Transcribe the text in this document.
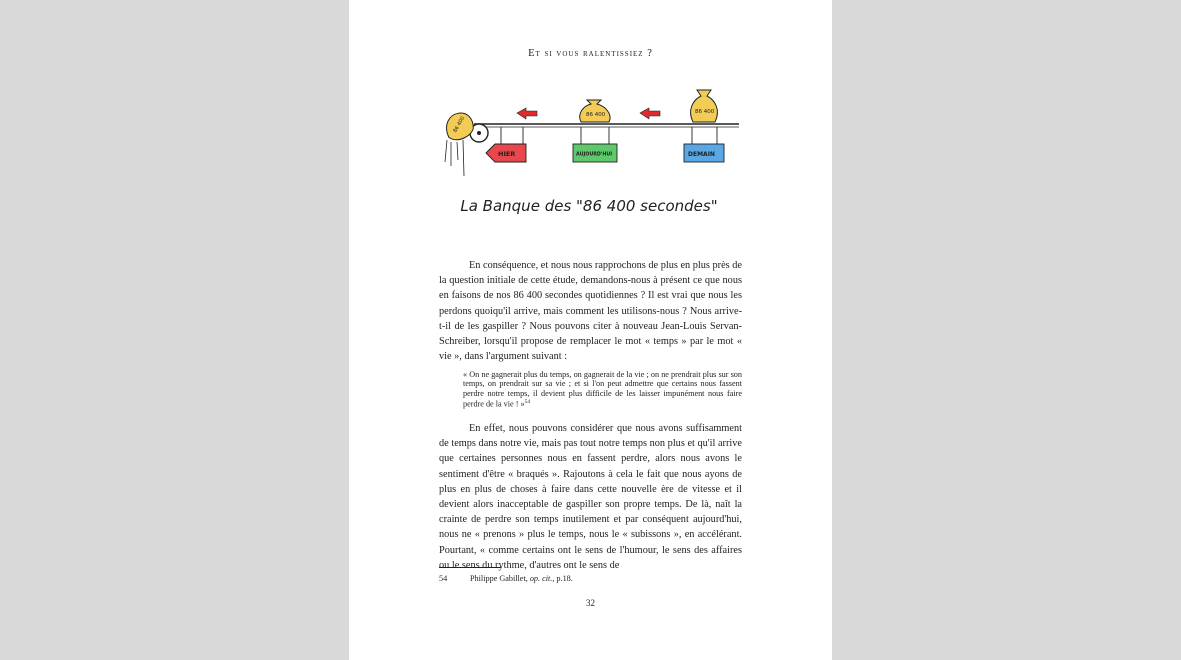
Et si vous ralentissiez ?
86 400
86 400	86 400
HIER	AUJOURD'HUI	DEMAIN
La Banque des "86 400 secondes"

En conséquence, et nous nous rapprochons de plus en plus près de la question initiale de cette étude, demandons-nous à présent ce que nous en faisons de nos 86 400 secondes quotidiennes ? Il est vrai que nous les perdons quoiqu'il arrive, mais comment les utilisons-nous ? Nous arrive-t-il de les gaspiller ? Nous pouvons citer à nouveau Jean-Louis Servan-Schreiber, lorsqu'il propose de remplacer le mot « temps » par le mot « vie », dans l'argument suivant :

« On ne gagnerait plus du temps, on gagnerait de la vie ; on ne prendrait plus sur son temps, on prendrait sur sa vie ; et si l'on peut admettre que certains nous fassent perdre notre temps, il devient plus difficile de les laisser impunément nous faire perdre de la vie ! »$^{54}$

En effet, nous pouvons considérer que nous avons suffisamment de temps dans notre vie, mais pas tout notre temps non plus et qu'il arrive que certaines personnes nous en fassent perdre, alors nous avons le sentiment d'être « braqués ». Rajoutons à cela le fait que nous ayons de plus en plus de choses à faire dans cette nouvelle ère de vitesse et il devient alors inacceptable de gaspiller son propre temps. De là, naît la crainte de perdre son temps inutilement et par conséquent aujourd'hui, nous ne « prenons » plus le temps, nous le « subissons », en accélérant. Pourtant, « comme certains ont le sens de l'humour, le sens des affaires ou le sens du rythme, d'autres ont le sens de

54	Philippe Gabillet, op. cit., p.18.
32
